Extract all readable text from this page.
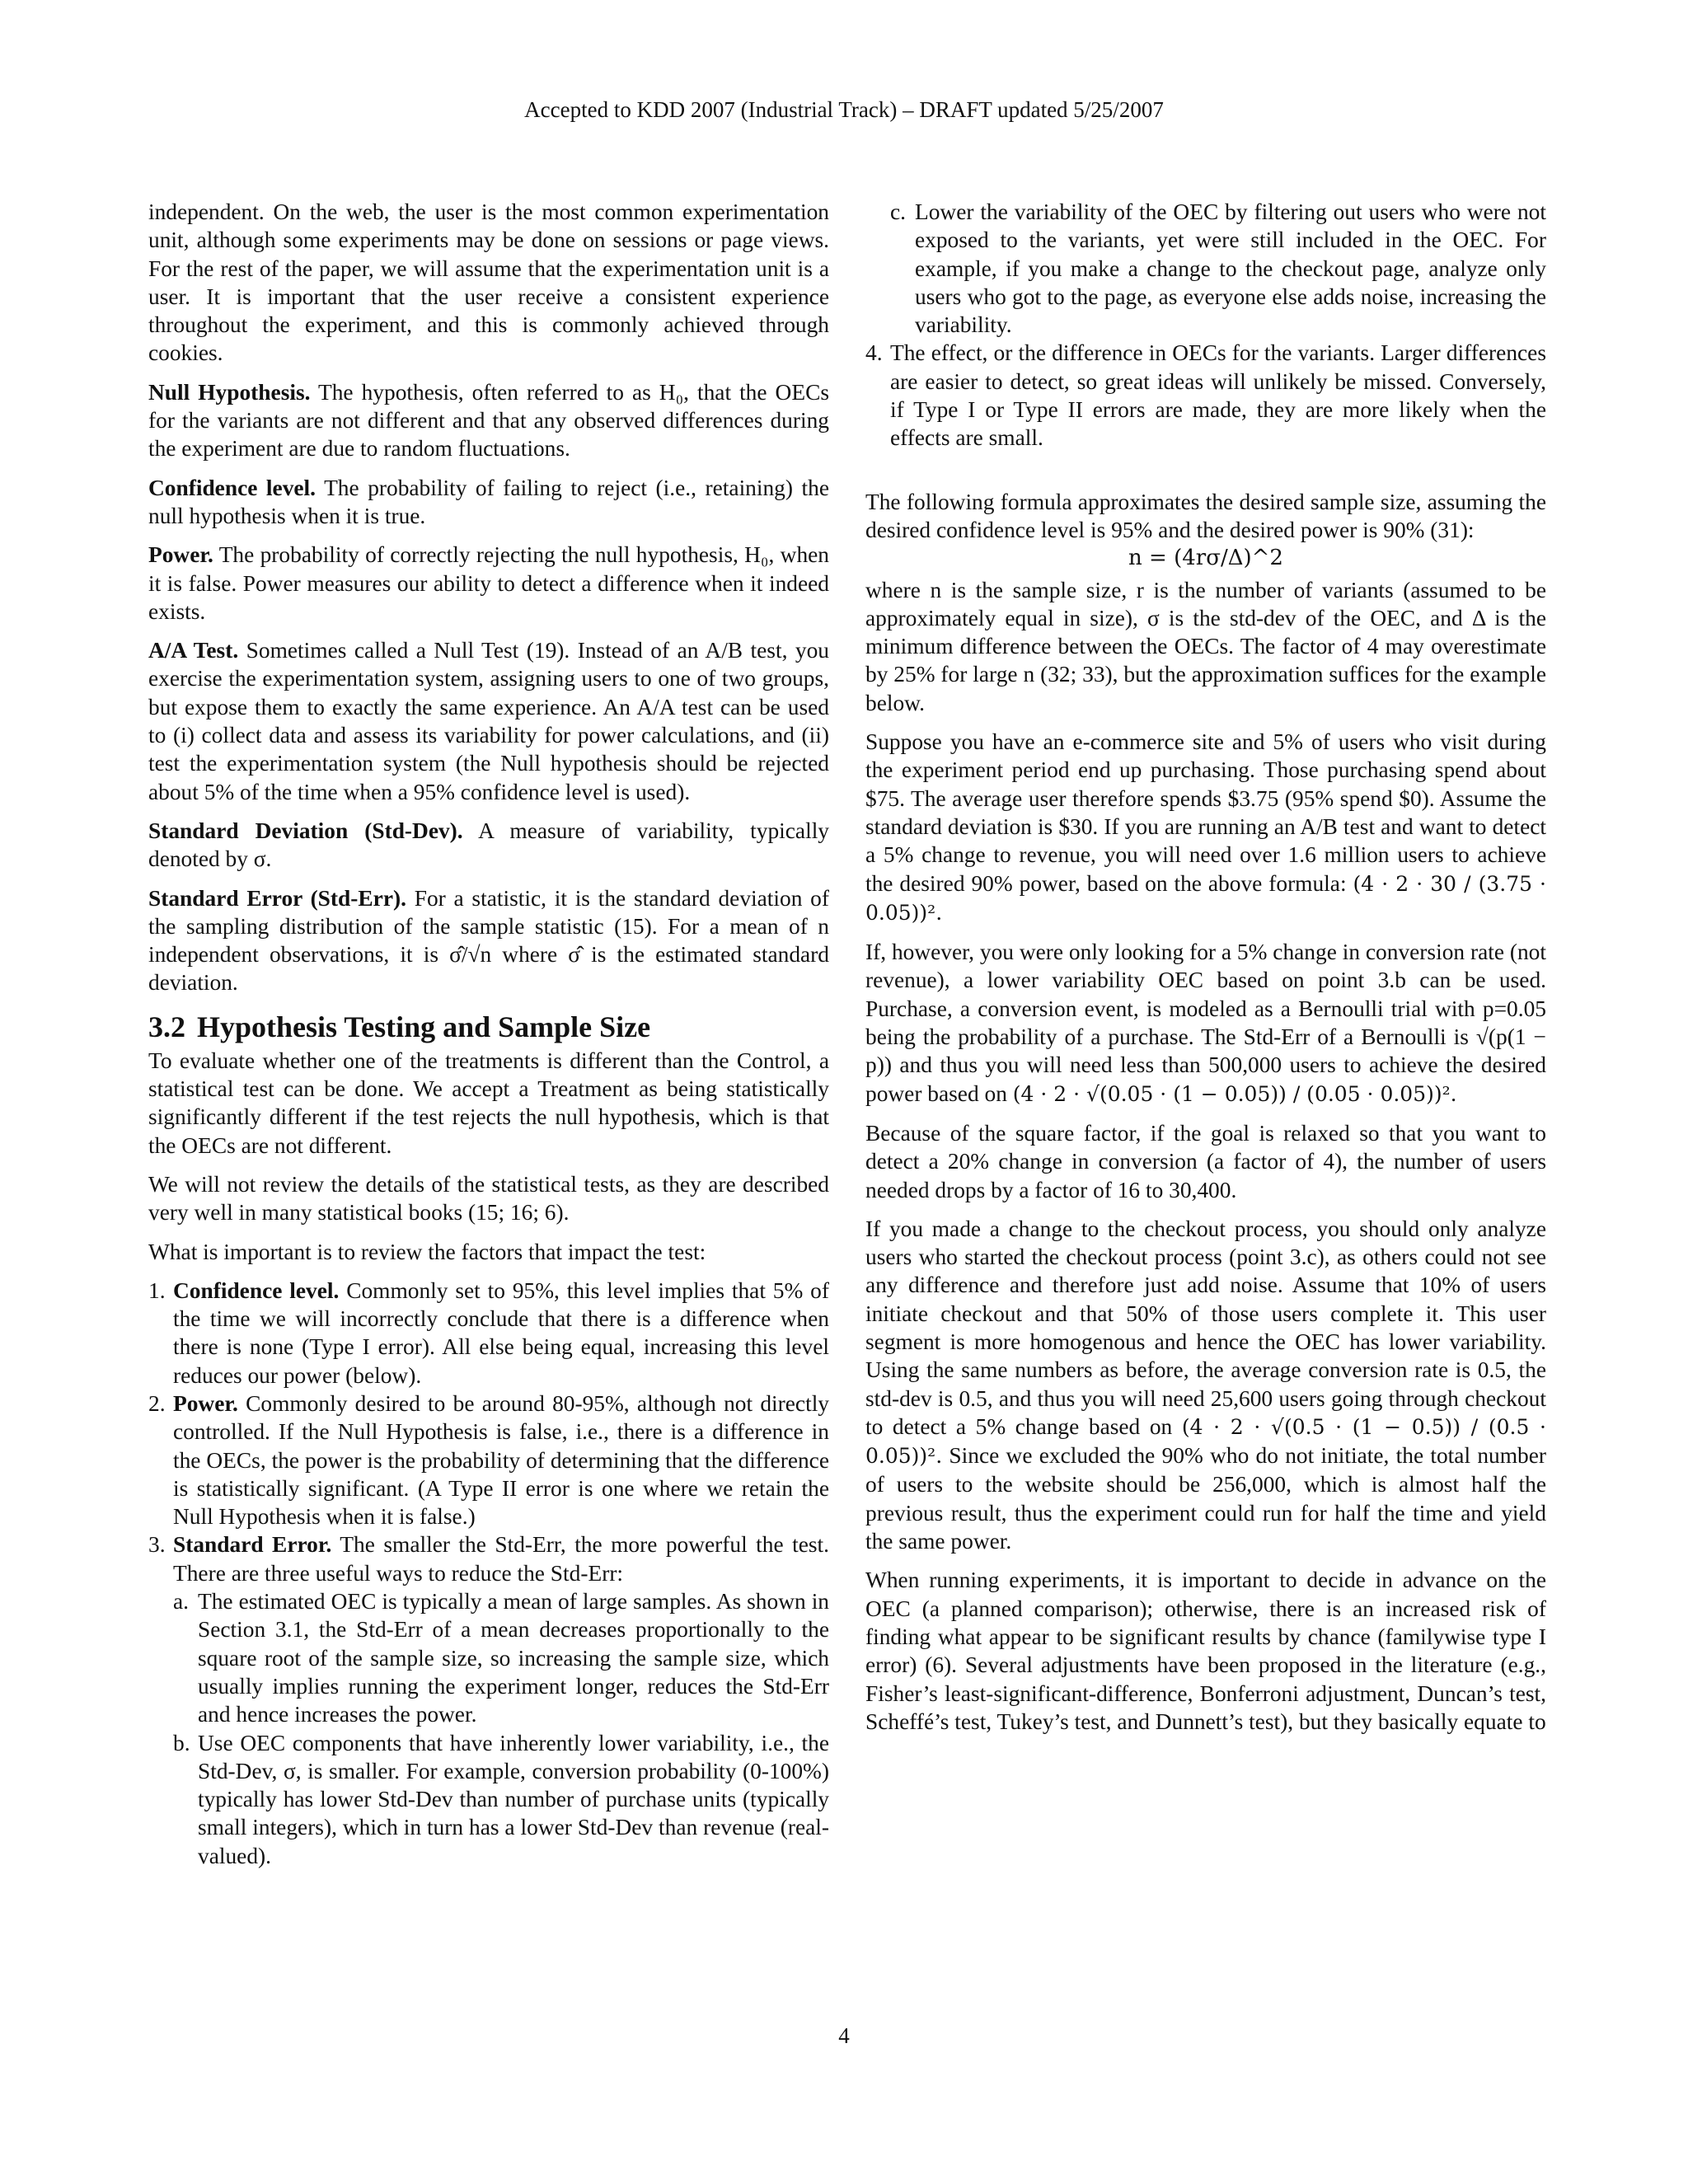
Accepted to KDD 2007 (Industrial Track) – DRAFT updated 5/25/2007

independent. On the web, the user is the most common experimentation unit, although some experiments may be done on sessions or page views. For the rest of the paper, we will assume that the experimentation unit is a user. It is important that the user receive a consistent experience throughout the experiment, and this is commonly achieved through cookies.

Null Hypothesis. The hypothesis, often referred to as H₀, that the OECs for the variants are not different and that any observed differences during the experiment are due to random fluctuations.

Confidence level. The probability of failing to reject (i.e., retaining) the null hypothesis when it is true.

Power. The probability of correctly rejecting the null hypothesis, H₀, when it is false. Power measures our ability to detect a difference when it indeed exists.

A/A Test. Sometimes called a Null Test (19). Instead of an A/B test, you exercise the experimentation system, assigning users to one of two groups, but expose them to exactly the same experience. An A/A test can be used to (i) collect data and assess its variability for power calculations, and (ii) test the experimentation system (the Null hypothesis should be rejected about 5% of the time when a 95% confidence level is used).

Standard Deviation (Std-Dev). A measure of variability, typically denoted by σ.

Standard Error (Std-Err). For a statistic, it is the standard deviation of the sampling distribution of the sample statistic (15). For a mean of n independent observations, it is σ̂/√n where σ̂ is the estimated standard deviation.

3.2 Hypothesis Testing and Sample Size

To evaluate whether one of the treatments is different than the Control, a statistical test can be done. We accept a Treatment as being statistically significantly different if the test rejects the null hypothesis, which is that the OECs are not different.

We will not review the details of the statistical tests, as they are described very well in many statistical books (15; 16; 6).

What is important is to review the factors that impact the test:

1. Confidence level. Commonly set to 95%, this level implies that 5% of the time we will incorrectly conclude that there is a difference when there is none (Type I error). All else being equal, increasing this level reduces our power (below).
2. Power. Commonly desired to be around 80-95%, although not directly controlled. If the Null Hypothesis is false, i.e., there is a difference in the OECs, the power is the probability of determining that the difference is statistically significant. (A Type II error is one where we retain the Null Hypothesis when it is false.)
3. Standard Error. The smaller the Std-Err, the more powerful the test. There are three useful ways to reduce the Std-Err:
a. The estimated OEC is typically a mean of large samples. As shown in Section 3.1, the Std-Err of a mean decreases proportionally to the square root of the sample size, so increasing the sample size, which usually implies running the experiment longer, reduces the Std-Err and hence increases the power.
b. Use OEC components that have inherently lower variability, i.e., the Std-Dev, σ, is smaller. For example, conversion probability (0-100%) typically has lower Std-Dev than number of purchase units (typically small integers), which in turn has a lower Std-Dev than revenue (real-valued).
c. Lower the variability of the OEC by filtering out users who were not exposed to the variants, yet were still included in the OEC. For example, if you make a change to the checkout page, analyze only users who got to the page, as everyone else adds noise, increasing the variability.
4. The effect, or the difference in OECs for the variants. Larger differences are easier to detect, so great ideas will unlikely be missed. Conversely, if Type I or Type II errors are made, they are more likely when the effects are small.

The following formula approximates the desired sample size, assuming the desired confidence level is 95% and the desired power is 90% (31):

n = (4rσ/Δ)^2

where n is the sample size, r is the number of variants (assumed to be approximately equal in size), σ is the std-dev of the OEC, and Δ is the minimum difference between the OECs. The factor of 4 may overestimate by 25% for large n (32; 33), but the approximation suffices for the example below.

Suppose you have an e-commerce site and 5% of users who visit during the experiment period end up purchasing. Those purchasing spend about $75. The average user therefore spends $3.75 (95% spend $0). Assume the standard deviation is $30. If you are running an A/B test and want to detect a 5% change to revenue, you will need over 1.6 million users to achieve the desired 90% power, based on the above formula: (4 · 2 · 30 / (3.75 · 0.05))².

If, however, you were only looking for a 5% change in conversion rate (not revenue), a lower variability OEC based on point 3.b can be used. Purchase, a conversion event, is modeled as a Bernoulli trial with p=0.05 being the probability of a purchase. The Std-Err of a Bernoulli is √(p(1 − p)) and thus you will need less than 500,000 users to achieve the desired power based on (4 · 2 · √(0.05 · (1 − 0.05)) / (0.05 · 0.05))².

Because of the square factor, if the goal is relaxed so that you want to detect a 20% change in conversion (a factor of 4), the number of users needed drops by a factor of 16 to 30,400.

If you made a change to the checkout process, you should only analyze users who started the checkout process (point 3.c), as others could not see any difference and therefore just add noise. Assume that 10% of users initiate checkout and that 50% of those users complete it. This user segment is more homogenous and hence the OEC has lower variability. Using the same numbers as before, the average conversion rate is 0.5, the std-dev is 0.5, and thus you will need 25,600 users going through checkout to detect a 5% change based on (4 · 2 · √(0.5 · (1 − 0.5)) / (0.5 · 0.05))². Since we excluded the 90% who do not initiate, the total number of users to the website should be 256,000, which is almost half the previous result, thus the experiment could run for half the time and yield the same power.

When running experiments, it is important to decide in advance on the OEC (a planned comparison); otherwise, there is an increased risk of finding what appear to be significant results by chance (familywise type I error) (6). Several adjustments have been proposed in the literature (e.g., Fisher’s least-significant-difference, Bonferroni adjustment, Duncan’s test, Scheffé’s test, Tukey’s test, and Dunnett’s test), but they basically equate to

4
